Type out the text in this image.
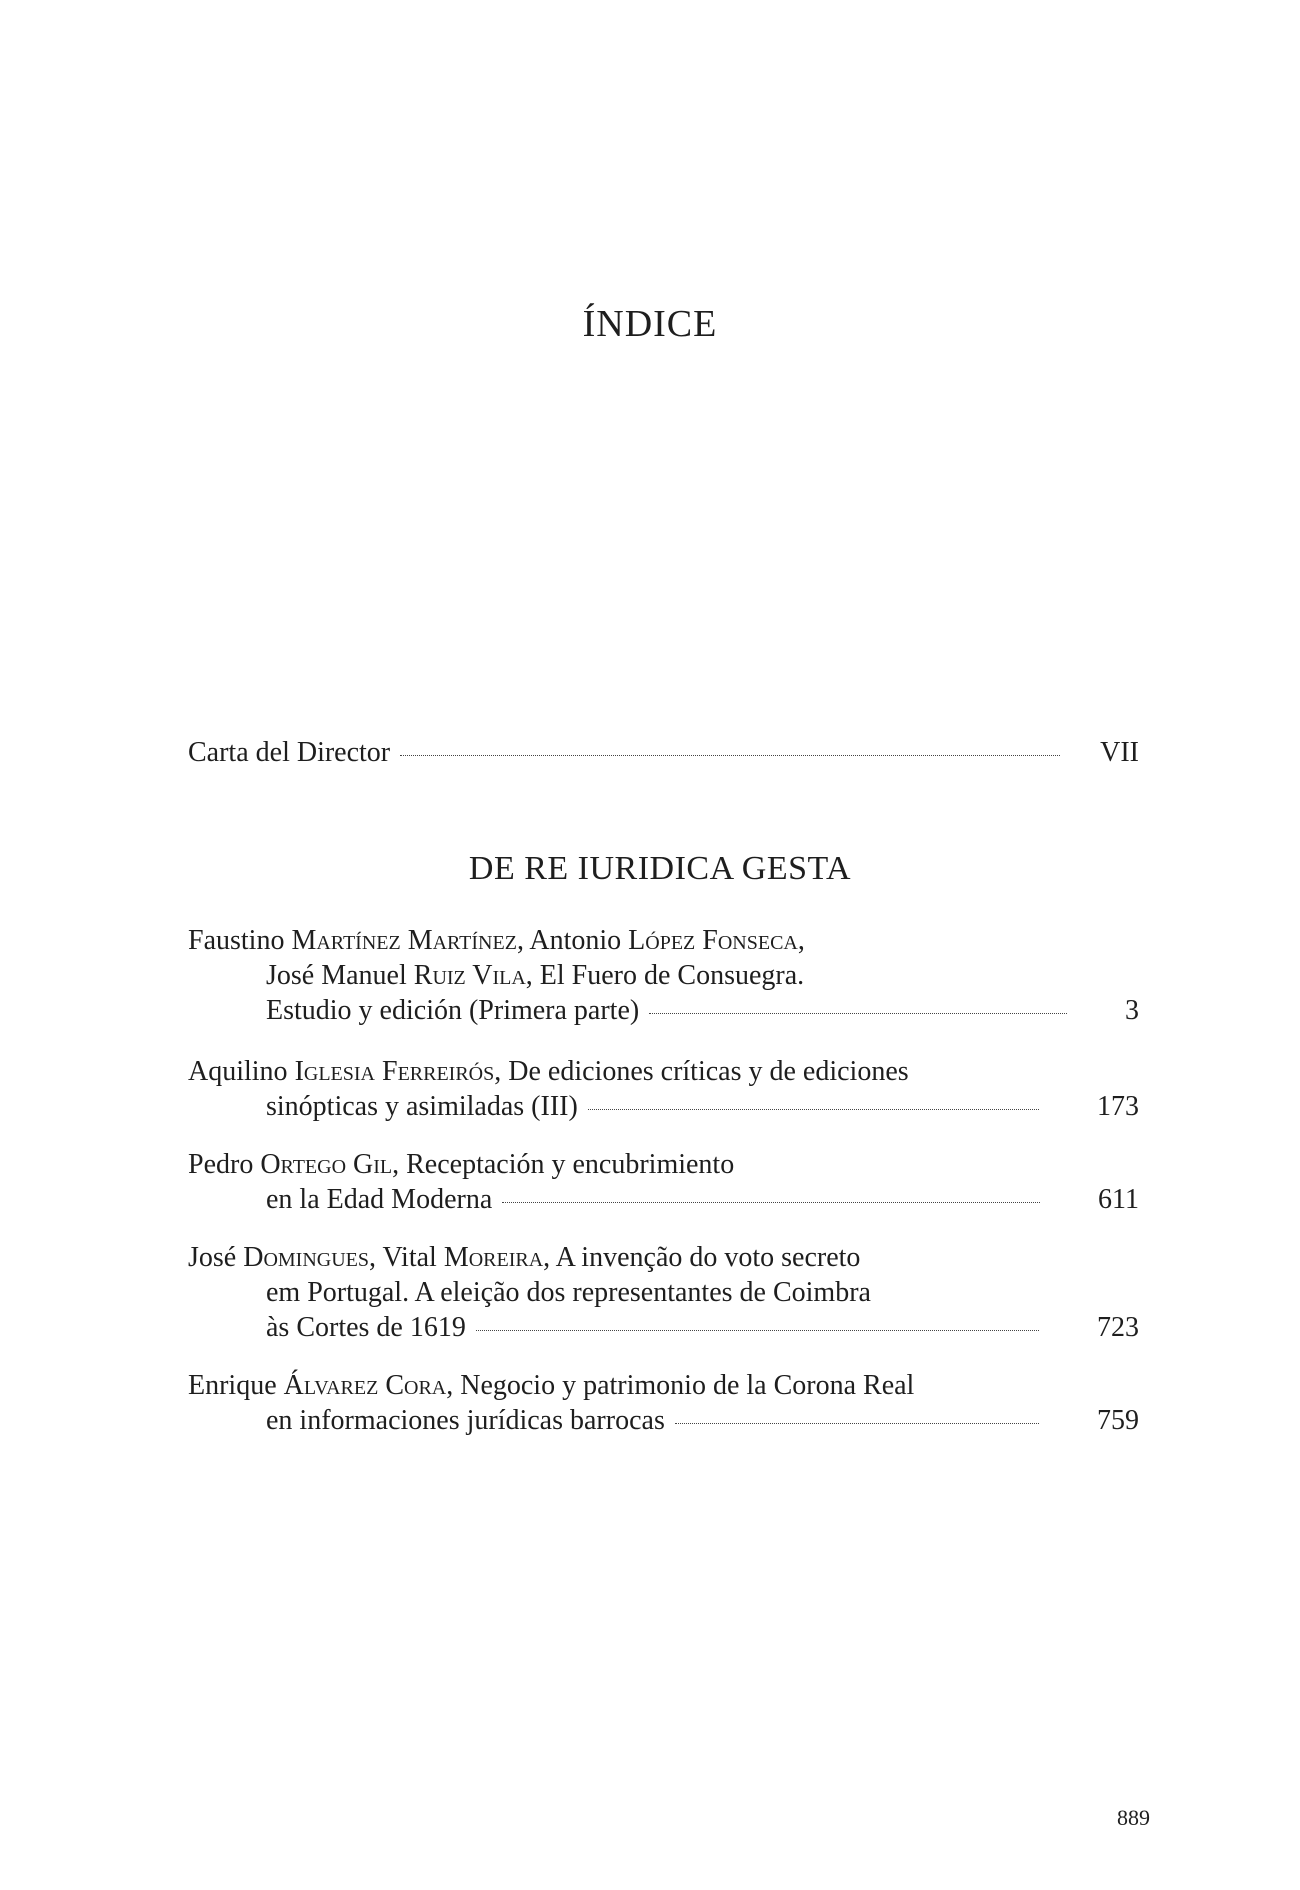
ÍNDICE
Carta del Director	VII
DE RE IURIDICA GESTA
Faustino Martínez Martínez, Antonio López Fonseca,
José Manuel Ruiz Vila, El Fuero de Consuegra.
Estudio y edición (Primera parte)	3
Aquilino Iglesia Ferreirós, De ediciones críticas y de ediciones
sinópticas y asimiladas (III)	173
Pedro Ortego Gil, Receptación y encubrimiento
en la Edad Moderna	611
José Domingues, Vital Moreira, A invenção do voto secreto
em Portugal. A eleição dos representantes de Coimbra
às Cortes de 1619	723
Enrique Álvarez Cora, Negocio y patrimonio de la Corona Real
en informaciones jurídicas barrocas	759
889
